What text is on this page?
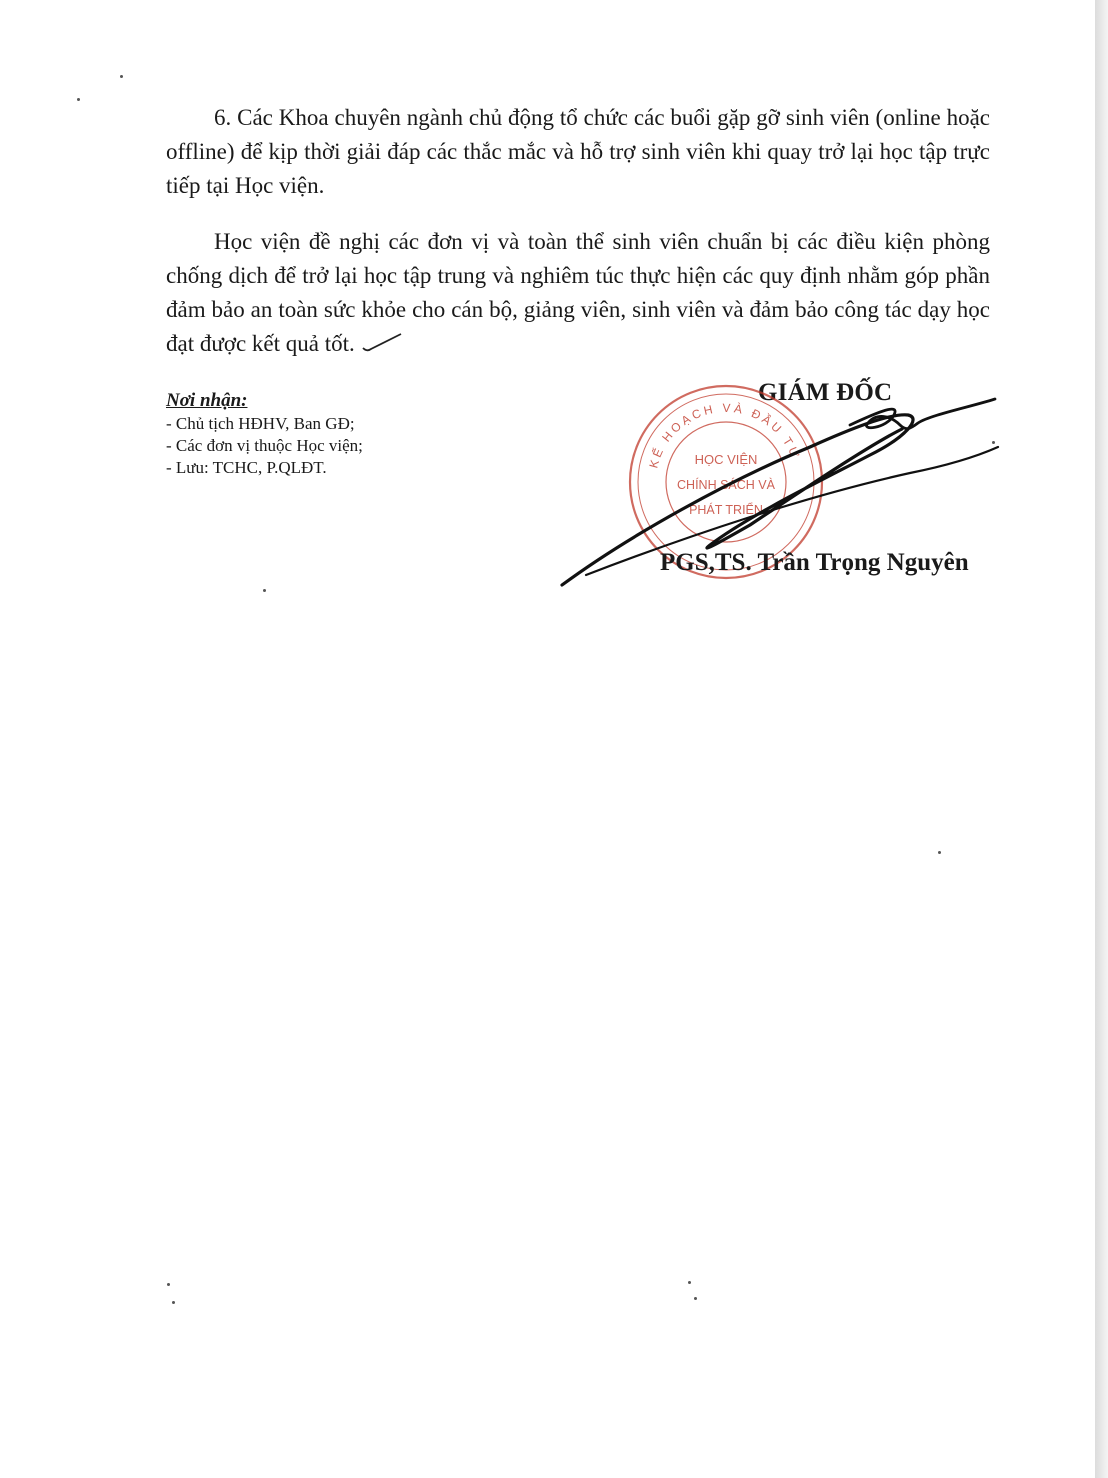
6. Các Khoa chuyên ngành chủ động tổ chức các buổi gặp gỡ sinh viên (online hoặc offline) để kịp thời giải đáp các thắc mắc và hỗ trợ sinh viên khi quay trở lại học tập trực tiếp tại Học viện.

Học viện đề nghị các đơn vị và toàn thể sinh viên chuẩn bị các điều kiện phòng chống dịch để trở lại học tập trung và nghiêm túc thực hiện các quy định nhằm góp phần đảm bảo an toàn sức khỏe cho cán bộ, giảng viên, sinh viên và đảm bảo công tác dạy học đạt được kết quả tốt.

Nơi nhận:
- Chủ tịch HĐHV, Ban GĐ;
- Các đơn vị thuộc Học viện;
- Lưu: TCHC, P.QLĐT.
GIÁM ĐỐC
KẾ HOẠCH VÀ ĐẦU TƯ
HỌC VIỆN
CHÍNH SÁCH VÀ
PHÁT TRIỂN
PGS,TS. Trần Trọng Nguyên
